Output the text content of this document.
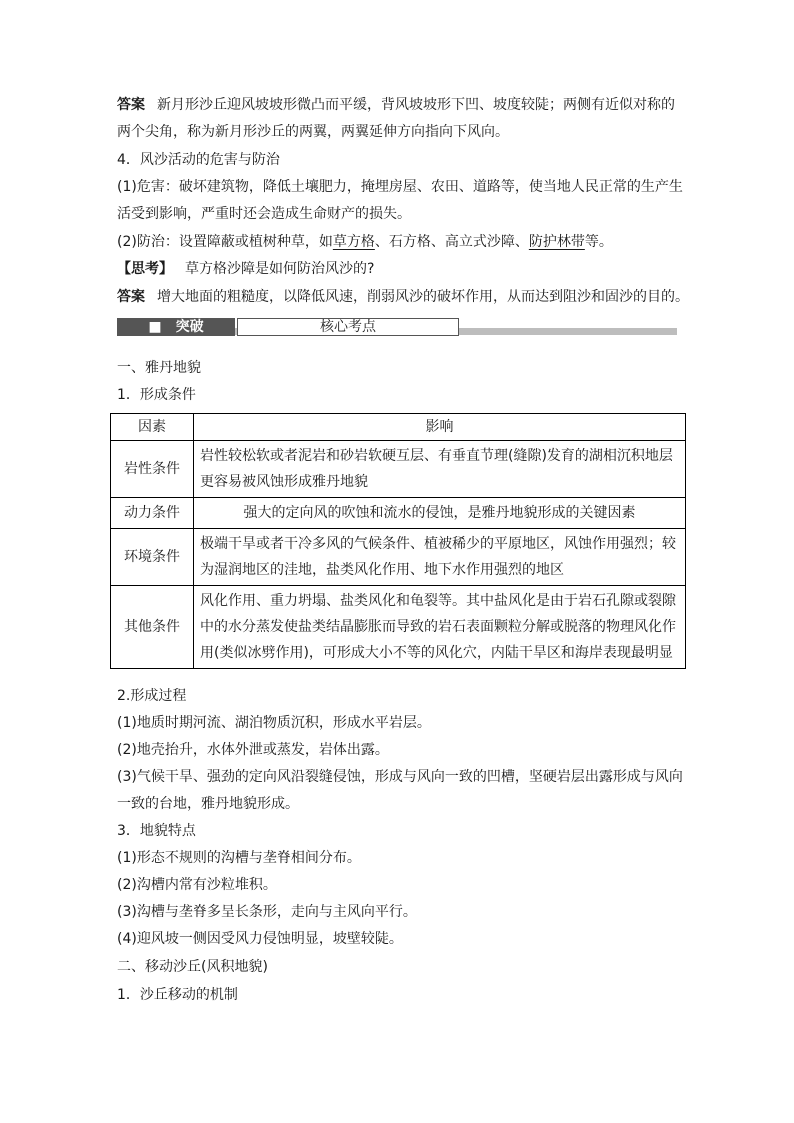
答案 新月形沙丘迎风坡坡形微凸而平缓，背风坡坡形下凹、坡度较陡；两侧有近似对称的
两个尖角，称为新月形沙丘的两翼，两翼延伸方向指向下风向。
4．风沙活动的危害与防治
(1)危害：破坏建筑物，降低土壤肥力，掩埋房屋、农田、道路等，使当地人民正常的生产生
活受到影响，严重时还会造成生命财产的损失。
(2)防治：设置障蔽或植树种草，如草方格、石方格、高立式沙障、防护林带等。
【思考】 草方格沙障是如何防治风沙的?
答案 增大地面的粗糙度，以降低风速，削弱风沙的破坏作用，从而达到阻沙和固沙的目的。
■　突破	核心考点
一、雅丹地貌
1．形成条件
因素	影响
岩性条件	岩性较松软或者泥岩和砂岩软硬互层、有垂直节理(缝隙)发育的湖相沉积地层
更容易被风蚀形成雅丹地貌

动力条件	强大的定向风的吹蚀和流水的侵蚀，是雅丹地貌形成的关键因素

环境条件	极端干旱或者干冷多风的气候条件、植被稀少的平原地区，风蚀作用强烈；较
为湿润地区的洼地，盐类风化作用、地下水作用强烈的地区

其他条件	风化作用、重力坍塌、盐类风化和龟裂等。其中盐风化是由于岩石孔隙或裂隙
中的水分蒸发使盐类结晶膨胀而导致的岩石表面颗粒分解或脱落的物理风化作
用(类似冰劈作用)，可形成大小不等的风化穴，内陆干旱区和海岸表现最明显
2.形成过程
(1)地质时期河流、湖泊物质沉积，形成水平岩层。
(2)地壳抬升，水体外泄或蒸发，岩体出露。
(3)气候干旱、强劲的定向风沿裂缝侵蚀，形成与风向一致的凹槽，坚硬岩层出露形成与风向
一致的台地，雅丹地貌形成。
3．地貌特点
(1)形态不规则的沟槽与垄脊相间分布。
(2)沟槽内常有沙粒堆积。
(3)沟槽与垄脊多呈长条形，走向与主风向平行。
(4)迎风坡一侧因受风力侵蚀明显，坡壁较陡。
二、移动沙丘(风积地貌)
1．沙丘移动的机制
